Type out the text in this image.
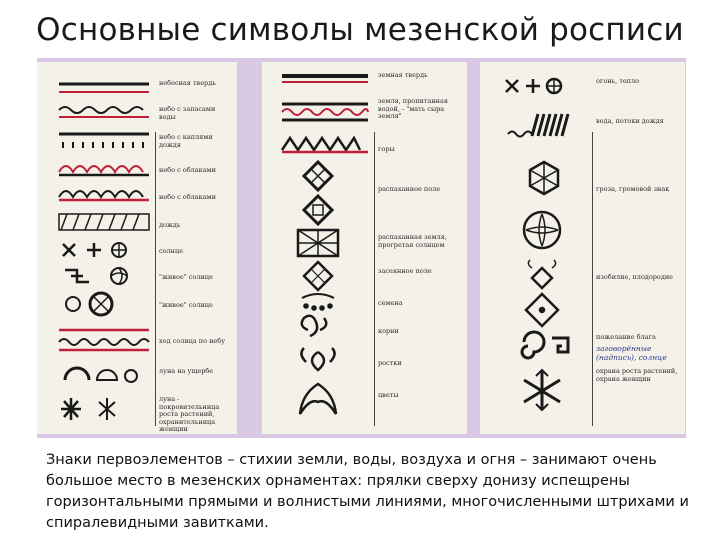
Основные символы мезенской росписи
небесная твердь
небо с запасами воды
небо с каплями дождя
небо с облаками
небо с облаками
дождь
солнце
"живое" солнце
"живое" солнце
ход солнца по небу
луна на ущербе
луна - покровительница роста растений, охранительница женщин
земная твердь
земля, пропитанная водой, - "мать сыра земля"
горы
распаханное поле
распаханная земля, прогретая солнцем
засеянное поле
семена
корни
ростки
цветы
огонь, тепло
вода, потоки дождя
гроза, громовой знак
изобилие, плодородие
пожелание блага
заговорённые (надпись), солнце
охрана роста растений, охрана женщин
Знаки первоэлементов – стихии земли, воды, воздуха и огня – занимают очень большое место в мезенских орнаментах: прялки сверху донизу испещрены горизонтальными прямыми и волнистыми линиями, многочисленными штрихами и спиралевидными завитками.
